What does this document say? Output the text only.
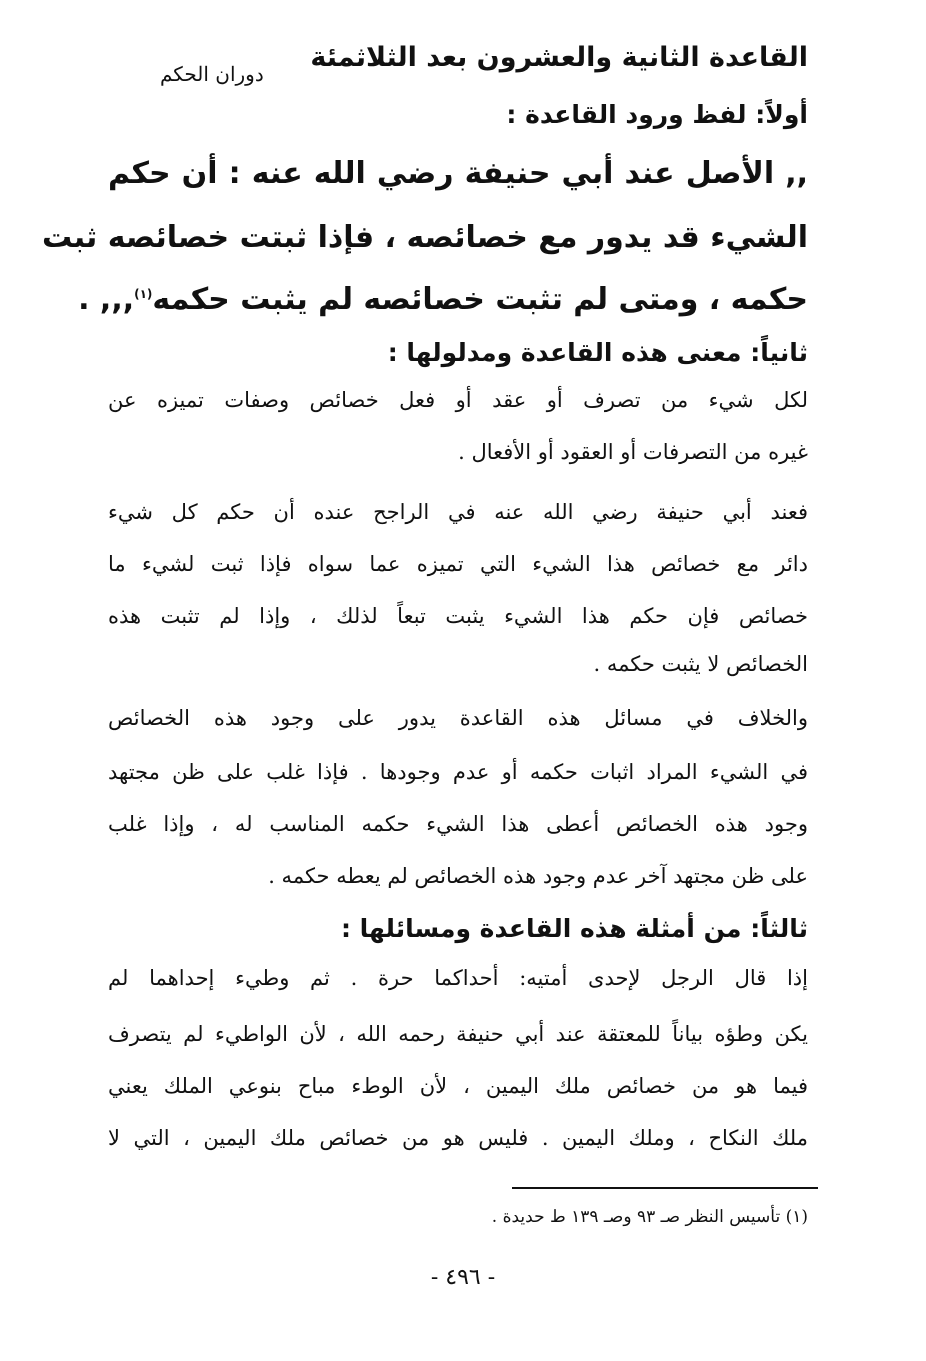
القاعدة الثانية والعشرون بعد الثلاثمئة
دوران الحكم
أولاً: لفظ ورود القاعدة :
,, الأصل عند أبي حنيفة رضي الله عنه : أن حكم
الشيء قد يدور مع خصائصه ، فإذا ثبتت خصائصه ثبت
حكمه ، ومتى لم تثبت خصائصه لم يثبت حكمه$^{(١)}$,,, .
ثانياً: معنى هذه القاعدة ومدلولها :
لكل شيء من تصرف أو عقد أو فعل خصائص وصفات تميزه عن
غيره من التصرفات أو العقود أو الأفعال .
فعند أبي حنيفة رضي الله عنه في الراجح عنده أن حكم كل شيء
دائر مع خصائص هذا الشيء التي تميزه عما سواه فإذا ثبت لشيء ما
خصائص فإن حكم هذا الشيء يثبت تبعاً لذلك ، وإذا لم تثبت هذه
الخصائص لا يثبت حكمه .
والخلاف في مسائل هذه القاعدة يدور على وجود هذه الخصائص
في الشيء المراد اثبات حكمه أو عدم وجودها . فإذا غلب على ظن مجتهد
وجود هذه الخصائص أعطى هذا الشيء حكمه المناسب له ، وإذا غلب
على ظن مجتهد آخر عدم وجود هذه الخصائص لم يعطه حكمه .
ثالثاً: من أمثلة هذه القاعدة ومسائلها :
إذا قال الرجل لإحدى أمتيه: أحداكما حرة . ثم وطيء إحداهما لم
يكن وطؤه بياناً للمعتقة عند أبي حنيفة رحمه الله ، لأن الواطيء لم يتصرف
فيما هو من خصائص ملك اليمين ، لأن الوطء مباح بنوعي الملك يعني
ملك النكاح ، وملك اليمين . فليس هو من خصائص ملك اليمين ، التي لا
(١) تأسيس النظر صـ ٩٣ وصـ ١٣٩ ط حديدة .
- ٤٩٦ -
